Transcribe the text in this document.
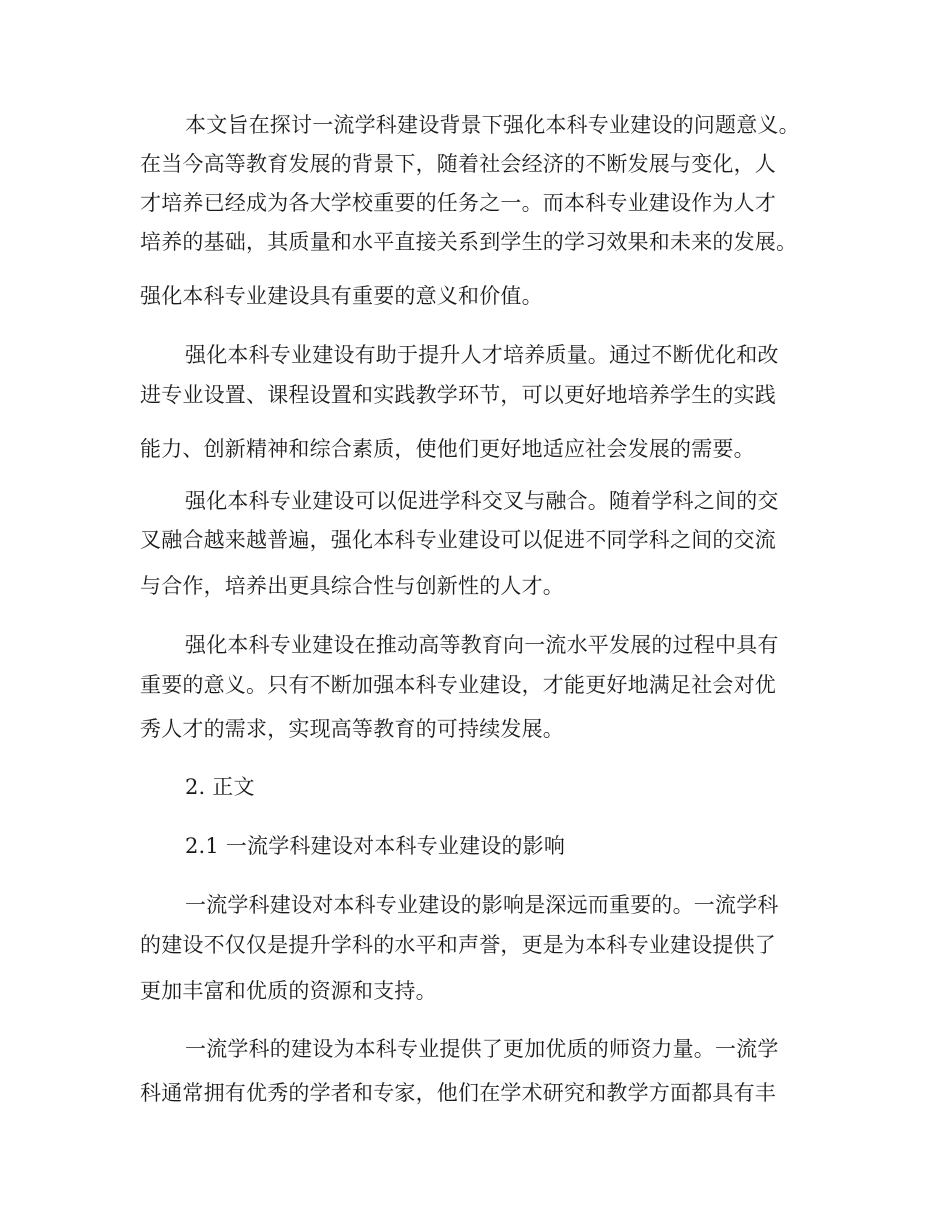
本文旨在探讨一流学科建设背景下强化本科专业建设的问题意义。
在当今高等教育发展的背景下，随着社会经济的不断发展与变化，人
才培养已经成为各大学校重要的任务之一。而本科专业建设作为人才
培养的基础，其质量和水平直接关系到学生的学习效果和未来的发展。
强化本科专业建设具有重要的意义和价值。
强化本科专业建设有助于提升人才培养质量。通过不断优化和改
进专业设置、课程设置和实践教学环节，可以更好地培养学生的实践
能力、创新精神和综合素质，使他们更好地适应社会发展的需要。
强化本科专业建设可以促进学科交叉与融合。随着学科之间的交
叉融合越来越普遍，强化本科专业建设可以促进不同学科之间的交流
与合作，培养出更具综合性与创新性的人才。
强化本科专业建设在推动高等教育向一流水平发展的过程中具有
重要的意义。只有不断加强本科专业建设，才能更好地满足社会对优
秀人才的需求，实现高等教育的可持续发展。
2. 正文
2.1 一流学科建设对本科专业建设的影响
一流学科建设对本科专业建设的影响是深远而重要的。一流学科
的建设不仅仅是提升学科的水平和声誉，更是为本科专业建设提供了
更加丰富和优质的资源和支持。
一流学科的建设为本科专业提供了更加优质的师资力量。一流学
科通常拥有优秀的学者和专家，他们在学术研究和教学方面都具有丰
